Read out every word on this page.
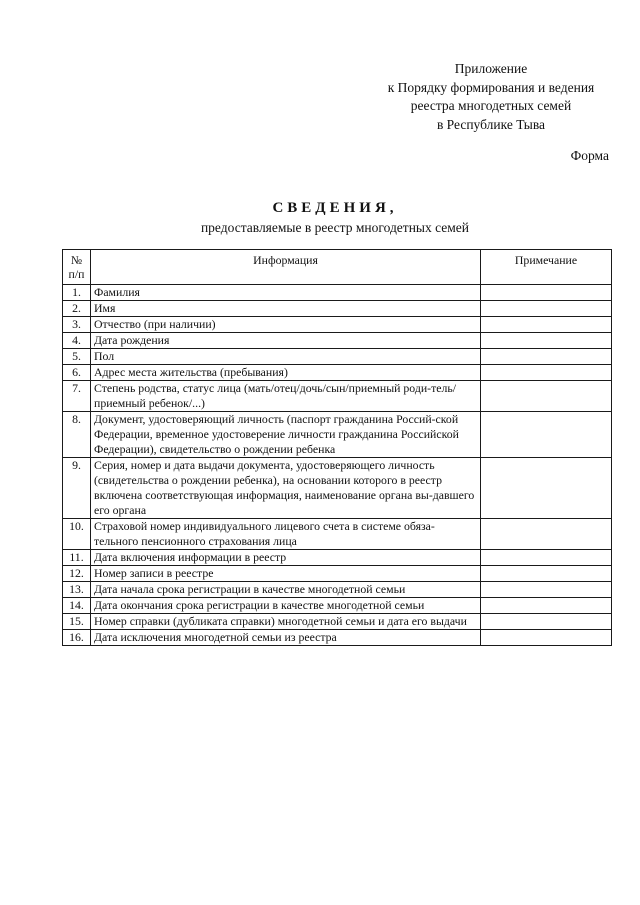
Приложение
к Порядку формирования и ведения
реестра многодетных семей
в Республике Тыва
Форма
СВЕДЕНИЯ,
предоставляемые в реестр многодетных семей
№
п/п	Информация	Примечание
1.	Фамилия	
2.	Имя	
3.	Отчество (при наличии)	
4.	Дата рождения	
5.	Пол	
6.	Адрес места жительства (пребывания)	
7.	Степень родства, статус лица (мать/отец/дочь/сын/приемный роди-тель/приемный ребенок/...)	
8.	Документ, удостоверяющий личность (паспорт гражданина Россий-ской Федерации, временное удостоверение личности гражданина Российской Федерации), свидетельство о рождении ребенка	
9.	Серия, номер и дата выдачи документа, удостоверяющего личность (свидетельства о рождении ребенка), на основании которого в реестр включена соответствующая информация, наименование органа вы-давшего его органа	
10.	Страховой номер индивидуального лицевого счета в системе обяза-тельного пенсионного страхования лица	
11.	Дата включения информации в реестр	
12.	Номер записи в реестре	
13.	Дата начала срока регистрации в качестве многодетной семьи	
14.	Дата окончания срока регистрации в качестве многодетной семьи	
15.	Номер справки (дубликата справки) многодетной семьи и дата его выдачи	
16.	Дата исключения многодетной семьи из реестра	
